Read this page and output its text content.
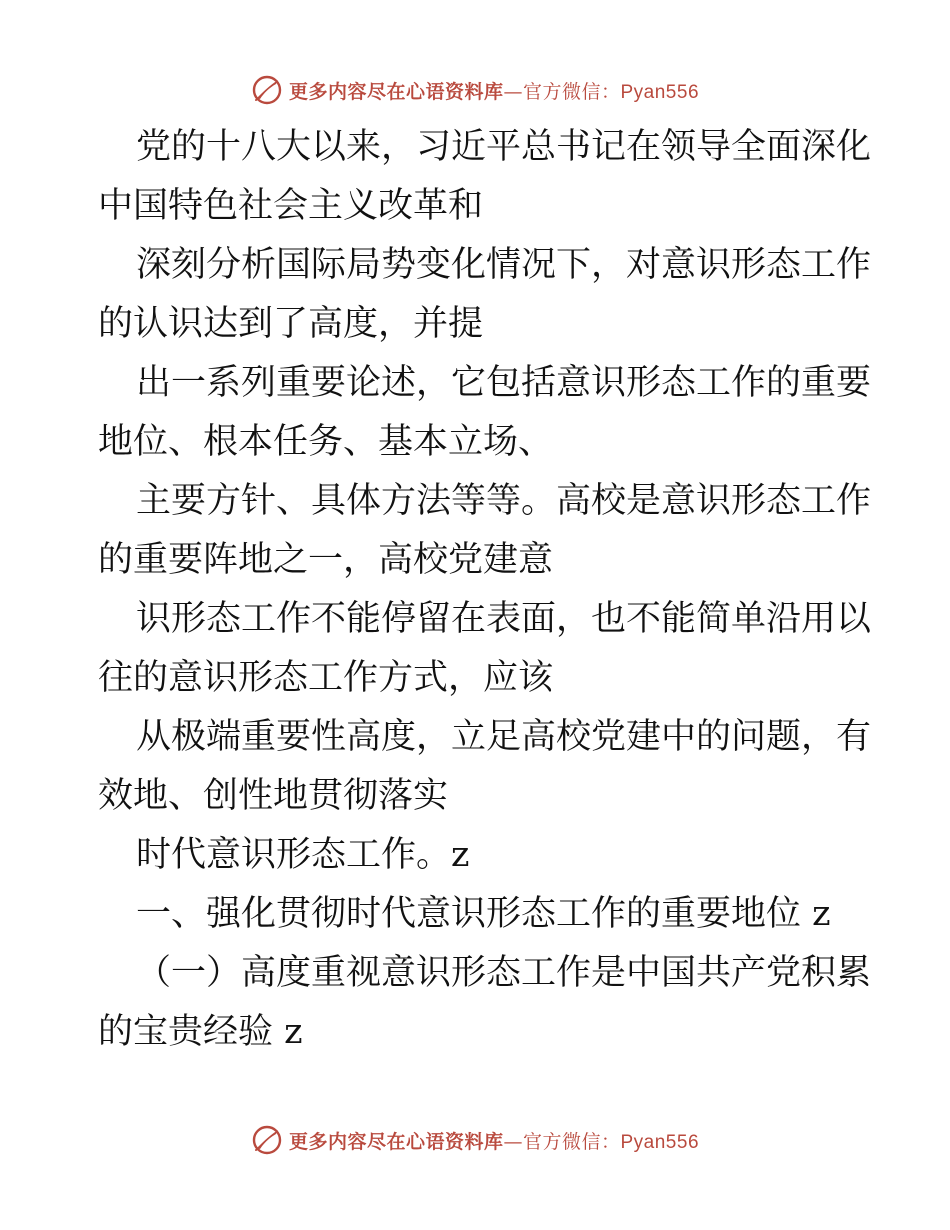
更多内容尽在心语资料库—官方微信：Pyan556
党的十八大以来，习近平总书记在领导全面深化
中国特色社会主义改革和
深刻分析国际局势变化情况下，对意识形态工作
的认识达到了高度，并提
出一系列重要论述，它包括意识形态工作的重要
地位、根本任务、基本立场、
主要方针、具体方法等等。高校是意识形态工作
的重要阵地之一，高校党建意
识形态工作不能停留在表面，也不能简单沿用以
往的意识形态工作方式，应该
从极端重要性高度，立足高校党建中的问题，有
效地、创性地贯彻落实
时代意识形态工作。z
一、强化贯彻时代意识形态工作的重要地位 z
（一）高度重视意识形态工作是中国共产党积累
的宝贵经验 z
更多内容尽在心语资料库—官方微信：Pyan556
